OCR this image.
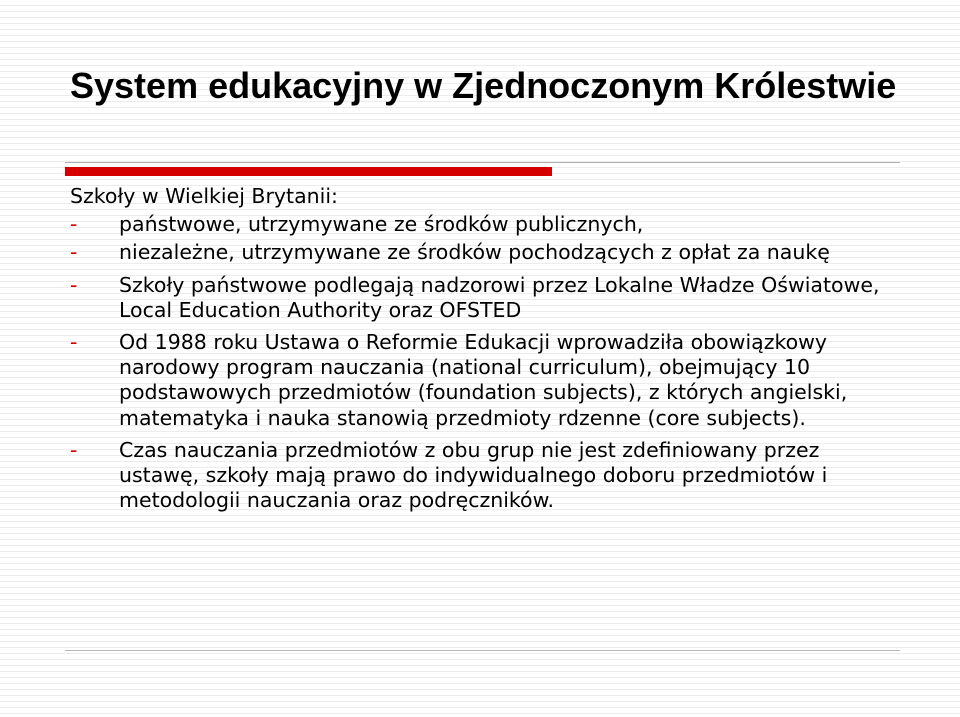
System edukacyjny w Zjednoczonym Królestwie

Szkoły w Wielkiej Brytanii:

- państwowe, utrzymywane ze środków publicznych,
- niezależne, utrzymywane ze środków pochodzących z opłat za naukę
- Szkoły państwowe podlegają nadzorowi przez Lokalne Władze Oświatowe, Local Education Authority oraz OFSTED
- Od 1988 roku Ustawa o Reformie Edukacji wprowadziła obowiązkowy narodowy program nauczania (national curriculum), obejmujący 10 podstawowych przedmiotów (foundation subjects), z których angielski, matematyka i nauka stanowią przedmioty rdzenne (core subjects).
- Czas nauczania przedmiotów z obu grup nie jest zdefiniowany przez ustawę, szkoły mają prawo do indywidualnego doboru przedmiotów i metodologii nauczania oraz podręczników.
